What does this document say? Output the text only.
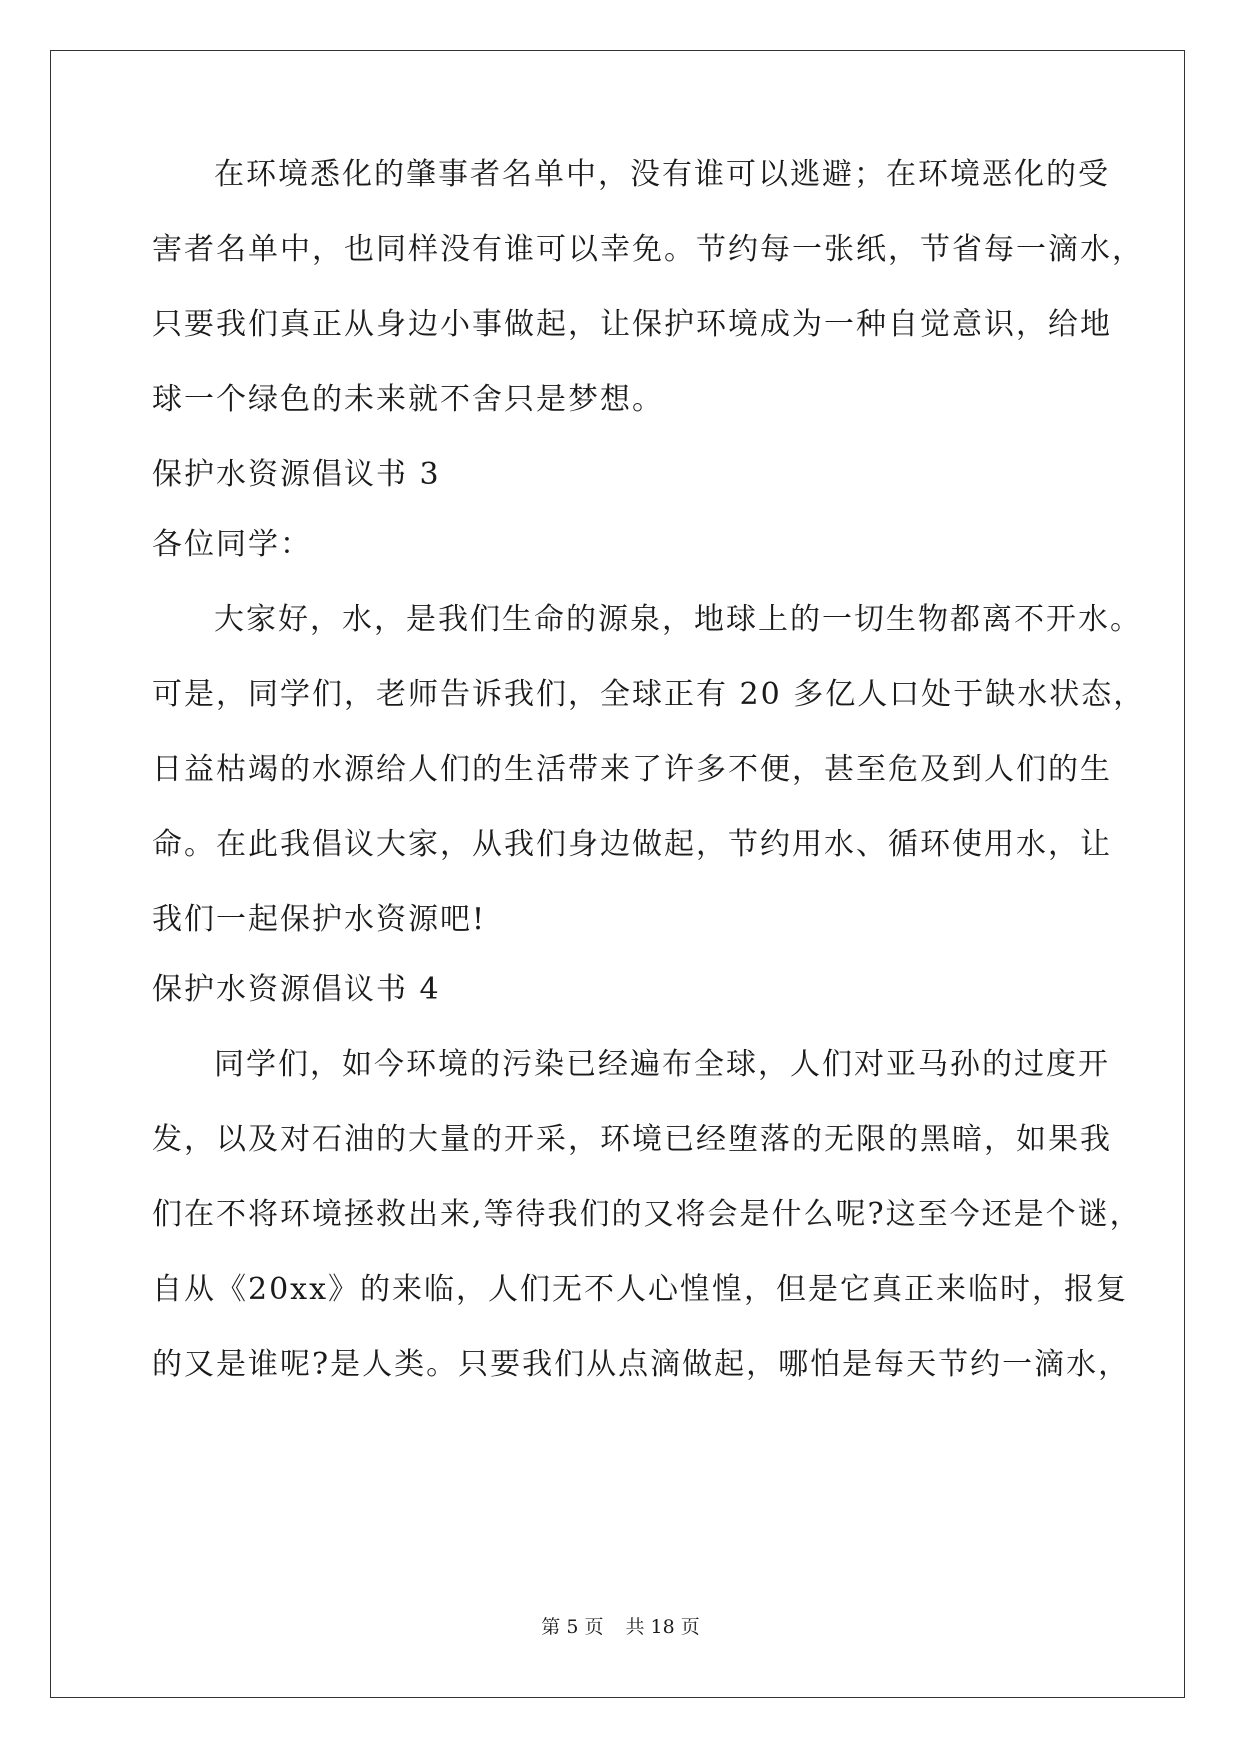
在环境悉化的肇事者名单中，没有谁可以逃避；在环境恶化的受
害者名单中，也同样没有谁可以幸免。节约每一张纸，节省每一滴水，
只要我们真正从身边小事做起，让保护环境成为一种自觉意识，给地
球一个绿色的未来就不舍只是梦想。
保护水资源倡议书 3
各位同学：
大家好，水，是我们生命的源泉，地球上的一切生物都离不开水。
可是，同学们，老师告诉我们，全球正有 20 多亿人口处于缺水状态，
日益枯竭的水源给人们的生活带来了许多不便，甚至危及到人们的生
命。在此我倡议大家，从我们身边做起，节约用水、循环使用水，让
我们一起保护水资源吧!
保护水资源倡议书 4
同学们，如今环境的污染已经遍布全球，人们对亚马孙的过度开
发，以及对石油的大量的开采，环境已经堕落的无限的黑暗，如果我
们在不将环境拯救出来,等待我们的又将会是什么呢?这至今还是个谜，
自从《20xx》的来临，人们无不人心惶惶，但是它真正来临时，报复
的又是谁呢?是人类。只要我们从点滴做起，哪怕是每天节约一滴水，
第 5 页 共 18 页
